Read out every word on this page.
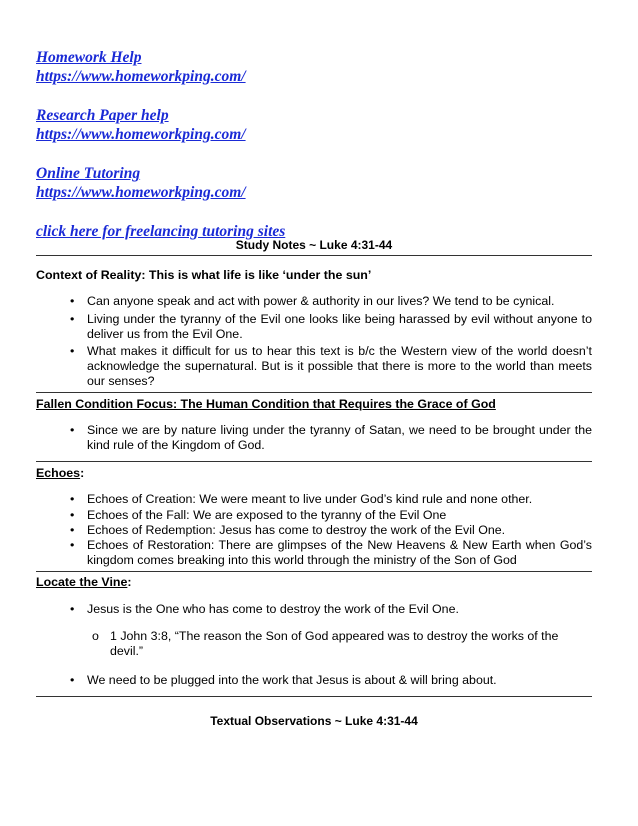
Homework Help
https://www.homeworkping.com/
Research Paper help
https://www.homeworkping.com/
Online Tutoring
https://www.homeworkping.com/
click here for freelancing tutoring sites
Study Notes ~ Luke 4:31-44
Context of Reality: This is what life is like ‘under the sun’
• Can anyone speak and act with power & authority in our lives? We tend to be cynical.
• Living under the tyranny of the Evil one looks like being harassed by evil without anyone to deliver us from the Evil One.
• What makes it difficult for us to hear this text is b/c the Western view of the world doesn’t acknowledge the supernatural. But is it possible that there is more to the world than meets our senses?
Fallen Condition Focus: The Human Condition that Requires the Grace of God
• Since we are by nature living under the tyranny of Satan, we need to be brought under the kind rule of the Kingdom of God.
Echoes:
• Echoes of Creation: We were meant to live under God’s kind rule and none other.
• Echoes of the Fall: We are exposed to the tyranny of the Evil One
• Echoes of Redemption: Jesus has come to destroy the work of the Evil One.
• Echoes of Restoration: There are glimpses of the New Heavens & New Earth when God’s kingdom comes breaking into this world through the ministry of the Son of God
Locate the Vine:
• Jesus is the One who has come to destroy the work of the Evil One.
o 1 John 3:8, “The reason the Son of God appeared was to destroy the works of the devil.”
• We need to be plugged into the work that Jesus is about & will bring about.
Textual Observations ~ Luke 4:31-44
